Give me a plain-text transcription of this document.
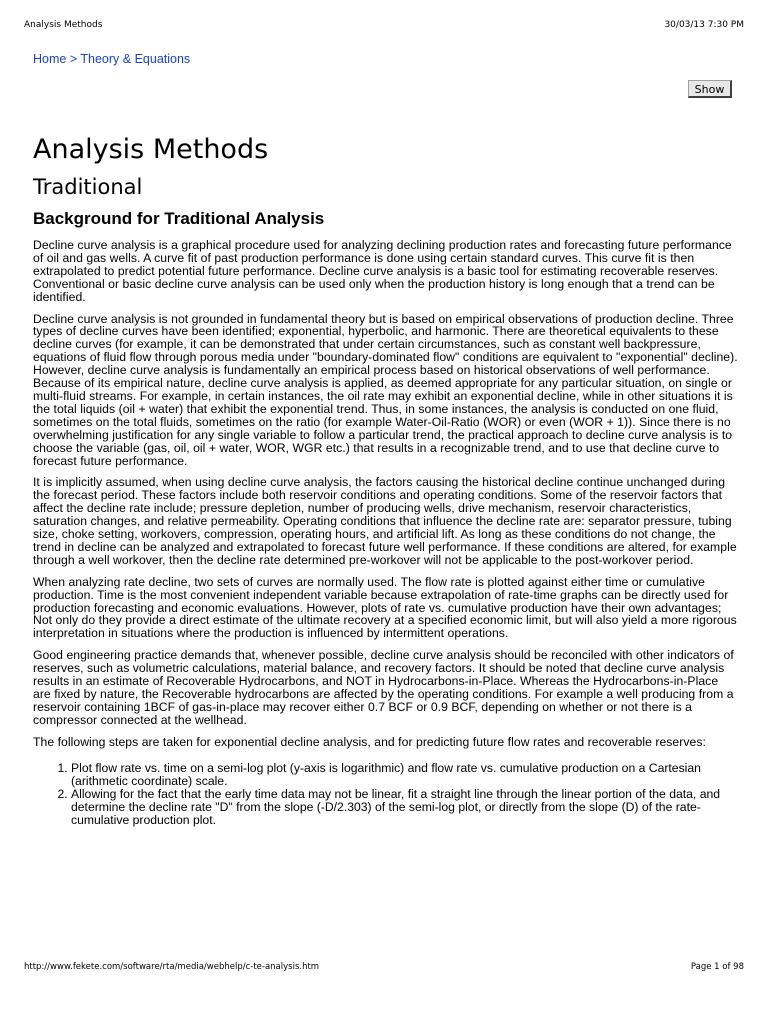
Analysis Methods	30/03/13 7:30 PM
Home > Theory & Equations
Show
Analysis Methods
Traditional
Background for Traditional Analysis

Decline curve analysis is a graphical procedure used for analyzing declining production rates and forecasting future performance of oil and gas wells. A curve fit of past production performance is done using certain standard curves. This curve fit is then extrapolated to predict potential future performance. Decline curve analysis is a basic tool for estimating recoverable reserves. Conventional or basic decline curve analysis can be used only when the production history is long enough that a trend can be identified.

Decline curve analysis is not grounded in fundamental theory but is based on empirical observations of production decline. Three types of decline curves have been identified; exponential, hyperbolic, and harmonic. There are theoretical equivalents to these decline curves (for example, it can be demonstrated that under certain circumstances, such as constant well backpressure, equations of fluid flow through porous media under "boundary-dominated flow" conditions are equivalent to "exponential" decline). However, decline curve analysis is fundamentally an empirical process based on historical observations of well performance. Because of its empirical nature, decline curve analysis is applied, as deemed appropriate for any particular situation, on single or multi-fluid streams. For example, in certain instances, the oil rate may exhibit an exponential decline, while in other situations it is the total liquids (oil + water) that exhibit the exponential trend. Thus, in some instances, the analysis is conducted on one fluid, sometimes on the total fluids, sometimes on the ratio (for example Water-Oil-Ratio (WOR) or even (WOR + 1)). Since there is no overwhelming justification for any single variable to follow a particular trend, the practical approach to decline curve analysis is to choose the variable (gas, oil, oil + water, WOR, WGR etc.) that results in a recognizable trend, and to use that decline curve to forecast future performance.

It is implicitly assumed, when using decline curve analysis, the factors causing the historical decline continue unchanged during the forecast period. These factors include both reservoir conditions and operating conditions. Some of the reservoir factors that affect the decline rate include; pressure depletion, number of producing wells, drive mechanism, reservoir characteristics, saturation changes, and relative permeability. Operating conditions that influence the decline rate are: separator pressure, tubing size, choke setting, workovers, compression, operating hours, and artificial lift. As long as these conditions do not change, the trend in decline can be analyzed and extrapolated to forecast future well performance. If these conditions are altered, for example through a well workover, then the decline rate determined pre-workover will not be applicable to the post-workover period.

When analyzing rate decline, two sets of curves are normally used. The flow rate is plotted against either time or cumulative production. Time is the most convenient independent variable because extrapolation of rate-time graphs can be directly used for production forecasting and economic evaluations. However, plots of rate vs. cumulative production have their own advantages; Not only do they provide a direct estimate of the ultimate recovery at a specified economic limit, but will also yield a more rigorous interpretation in situations where the production is influenced by intermittent operations.

Good engineering practice demands that, whenever possible, decline curve analysis should be reconciled with other indicators of reserves, such as volumetric calculations, material balance, and recovery factors. It should be noted that decline curve analysis results in an estimate of Recoverable Hydrocarbons, and NOT in Hydrocarbons-in-Place. Whereas the Hydrocarbons-in-Place are fixed by nature, the Recoverable hydrocarbons are affected by the operating conditions. For example a well producing from a reservoir containing 1BCF of gas-in-place may recover either 0.7 BCF or 0.9 BCF, depending on whether or not there is a compressor connected at the wellhead.

The following steps are taken for exponential decline analysis, and for predicting future flow rates and recoverable reserves:

1. Plot flow rate vs. time on a semi-log plot (y-axis is logarithmic) and flow rate vs. cumulative production on a Cartesian (arithmetic coordinate) scale.
2. Allowing for the fact that the early time data may not be linear, fit a straight line through the linear portion of the data, and determine the decline rate "D" from the slope (-D/2.303) of the semi-log plot, or directly from the slope (D) of the rate-cumulative production plot.
http://www.fekete.com/software/rta/media/webhelp/c-te-analysis.htm	Page 1 of 98
